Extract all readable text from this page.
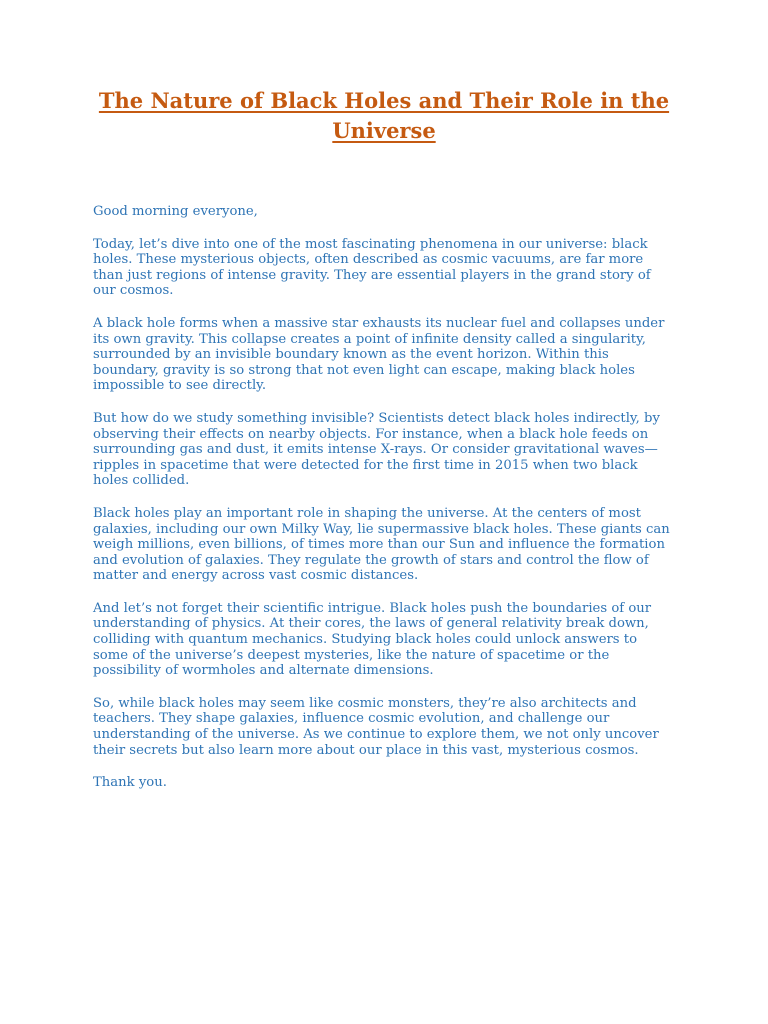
The Nature of Black Holes and Their Role in the Universe

Good morning everyone,

Today, let’s dive into one of the most fascinating phenomena in our universe: black holes. These mysterious objects, often described as cosmic vacuums, are far more than just regions of intense gravity. They are essential players in the grand story of our cosmos.

A black hole forms when a massive star exhausts its nuclear fuel and collapses under its own gravity. This collapse creates a point of infinite density called a singularity, surrounded by an invisible boundary known as the event horizon. Within this boundary, gravity is so strong that not even light can escape, making black holes impossible to see directly.

But how do we study something invisible? Scientists detect black holes indirectly, by observing their effects on nearby objects. For instance, when a black hole feeds on surrounding gas and dust, it emits intense X-rays. Or consider gravitational waves—ripples in spacetime that were detected for the first time in 2015 when two black holes collided.

Black holes play an important role in shaping the universe. At the centers of most galaxies, including our own Milky Way, lie supermassive black holes. These giants can weigh millions, even billions, of times more than our Sun and influence the formation and evolution of galaxies. They regulate the growth of stars and control the flow of matter and energy across vast cosmic distances.

And let’s not forget their scientific intrigue. Black holes push the boundaries of our understanding of physics. At their cores, the laws of general relativity break down, colliding with quantum mechanics. Studying black holes could unlock answers to some of the universe’s deepest mysteries, like the nature of spacetime or the possibility of wormholes and alternate dimensions.

So, while black holes may seem like cosmic monsters, they’re also architects and teachers. They shape galaxies, influence cosmic evolution, and challenge our understanding of the universe. As we continue to explore them, we not only uncover their secrets but also learn more about our place in this vast, mysterious cosmos.

Thank you.
